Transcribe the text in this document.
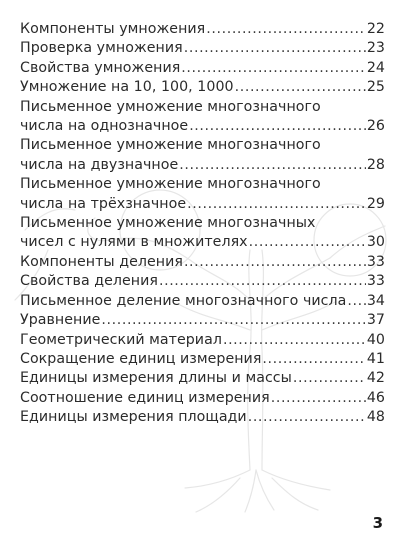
Компоненты умножения .....	22
Проверка умножения .....	23
Свойства умножения .....	24
Умножение на 10, 100, 1000 .....	25
Письменное умножение многозначного
числа на однозначное .....	26
Письменное умножение многозначного
числа на двузначное .....	28
Письменное умножение многозначного
числа на трёхзначное .....	29
Письменное умножение многозначных
чисел с нулями в множителях .....	30
Компоненты деления .....	33
Свойства деления .....	33
Письменное деление многозначного числа ..... 34
Уравнение .....	37
Геометрический материал .....	40
Сокращение единиц измерения .....	41
Единицы измерения длины и массы .....	42
Соотношение единиц измерения .....	46
Единицы измерения площади .....	48
3
